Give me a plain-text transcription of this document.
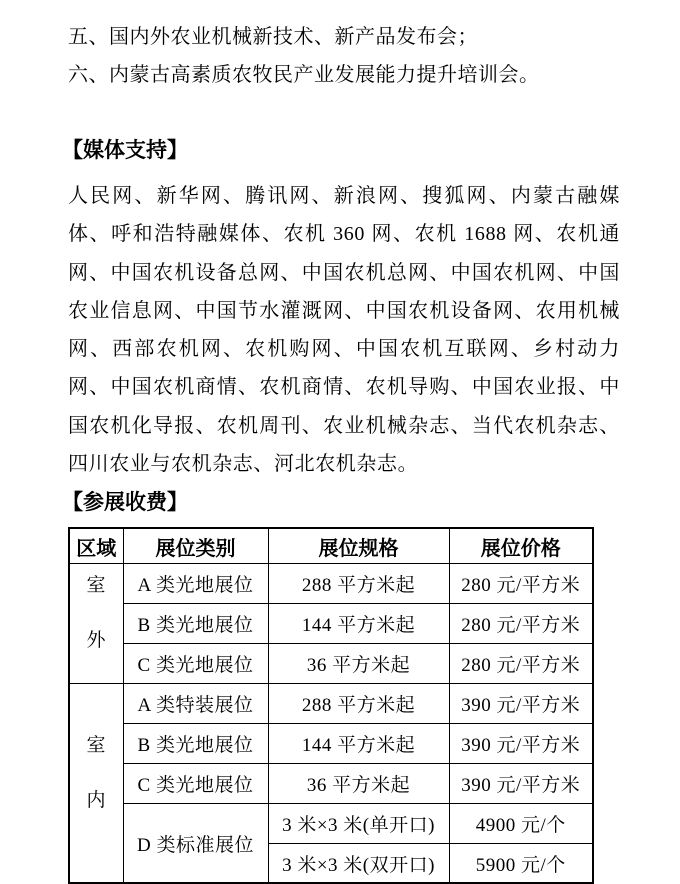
五、国内外农业机械新技术、新产品发布会；
六、内蒙古高素质农牧民产业发展能力提升培训会。
【媒体支持】
人民网、新华网、腾讯网、新浪网、搜狐网、内蒙古融媒体、呼和浩特融媒体、农机 360 网、农机 1688 网、农机通网、中国农机设备总网、中国农机总网、中国农机网、中国农业信息网、中国节水灌溉网、中国农机设备网、农用机械网、西部农机网、农机购网、中国农机互联网、乡村动力网、中国农机商情、农机商情、农机导购、中国农业报、中国农机化导报、农机周刊、农业机械杂志、当代农机杂志、四川农业与农机杂志、河北农机杂志。
【参展收费】
区域	展位类别	展位规格	展位价格

室
外	A 类光地展位	288 平方米起	280 元/平方米
	B 类光地展位	144 平方米起	280 元/平方米
	C 类光地展位	36 平方米起	280 元/平方米

室
内	A 类特装展位	288 平方米起	390 元/平方米
	B 类光地展位	144 平方米起	390 元/平方米
	C 类光地展位	36 平方米起	390 元/平方米
	D 类标准展位	3 米×3 米(单开口)	4900 元/个
		3 米×3 米(双开口)	5900 元/个
